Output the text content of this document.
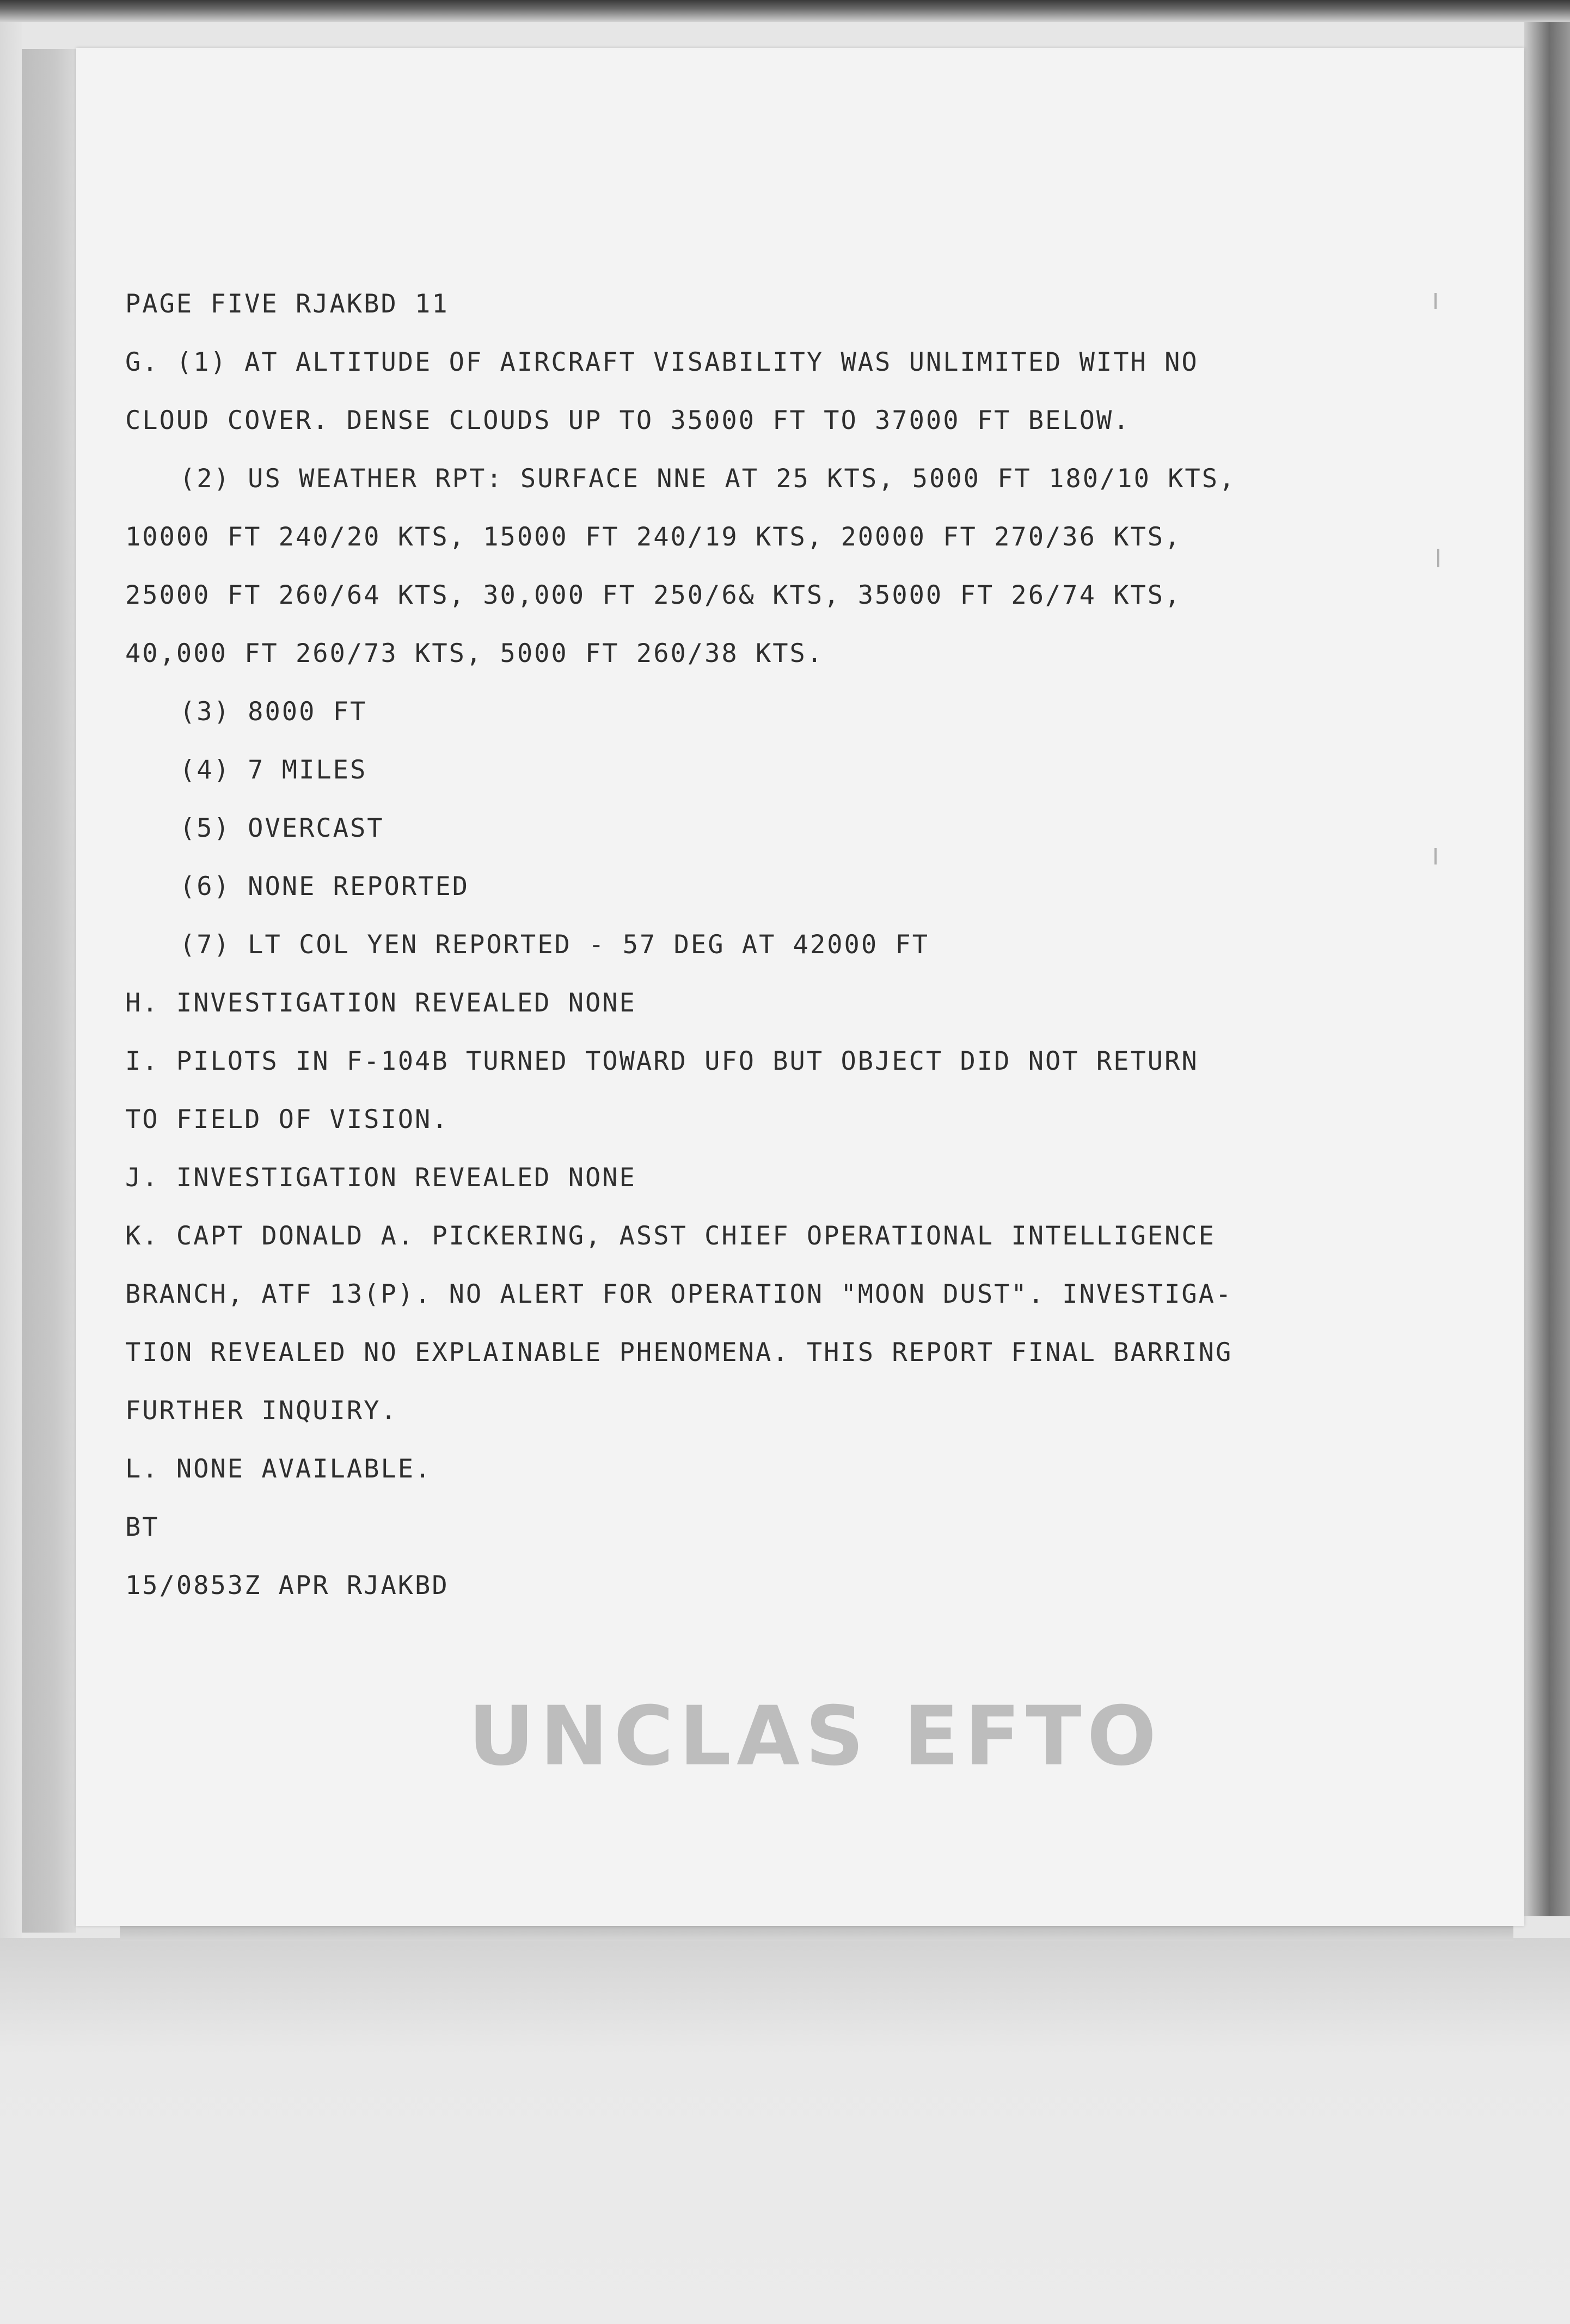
PAGE FIVE RJAKBD 11
G. (1) AT ALTITUDE OF AIRCRAFT VISABILITY WAS UNLIMITED WITH NO
CLOUD COVER. DENSE CLOUDS UP TO 35000 FT TO 37000 FT BELOW.
(2) US WEATHER RPT: SURFACE NNE AT 25 KTS, 5000 FT 180/10 KTS,
10000 FT 240/20 KTS, 15000 FT 240/19 KTS, 20000 FT 270/36 KTS,
25000 FT 260/64 KTS, 30,000 FT 250/6& KTS, 35000 FT 26/74 KTS,
40,000 FT 260/73 KTS, 5000 FT 260/38 KTS.
(3) 8000 FT
(4) 7 MILES
(5) OVERCAST
(6) NONE REPORTED
(7) LT COL YEN REPORTED - 57 DEG AT 42000 FT
H. INVESTIGATION REVEALED NONE
I. PILOTS IN F-104B TURNED TOWARD UFO BUT OBJECT DID NOT RETURN
TO FIELD OF VISION.
J. INVESTIGATION REVEALED NONE
K. CAPT DONALD A. PICKERING, ASST CHIEF OPERATIONAL INTELLIGENCE
BRANCH, ATF 13(P). NO ALERT FOR OPERATION "MOON DUST". INVESTIGA-
TION REVEALED NO EXPLAINABLE PHENOMENA. THIS REPORT FINAL BARRING
FURTHER INQUIRY.
L. NONE AVAILABLE.
BT
15/0853Z APR RJAKBD
UNCLAS EFTO
